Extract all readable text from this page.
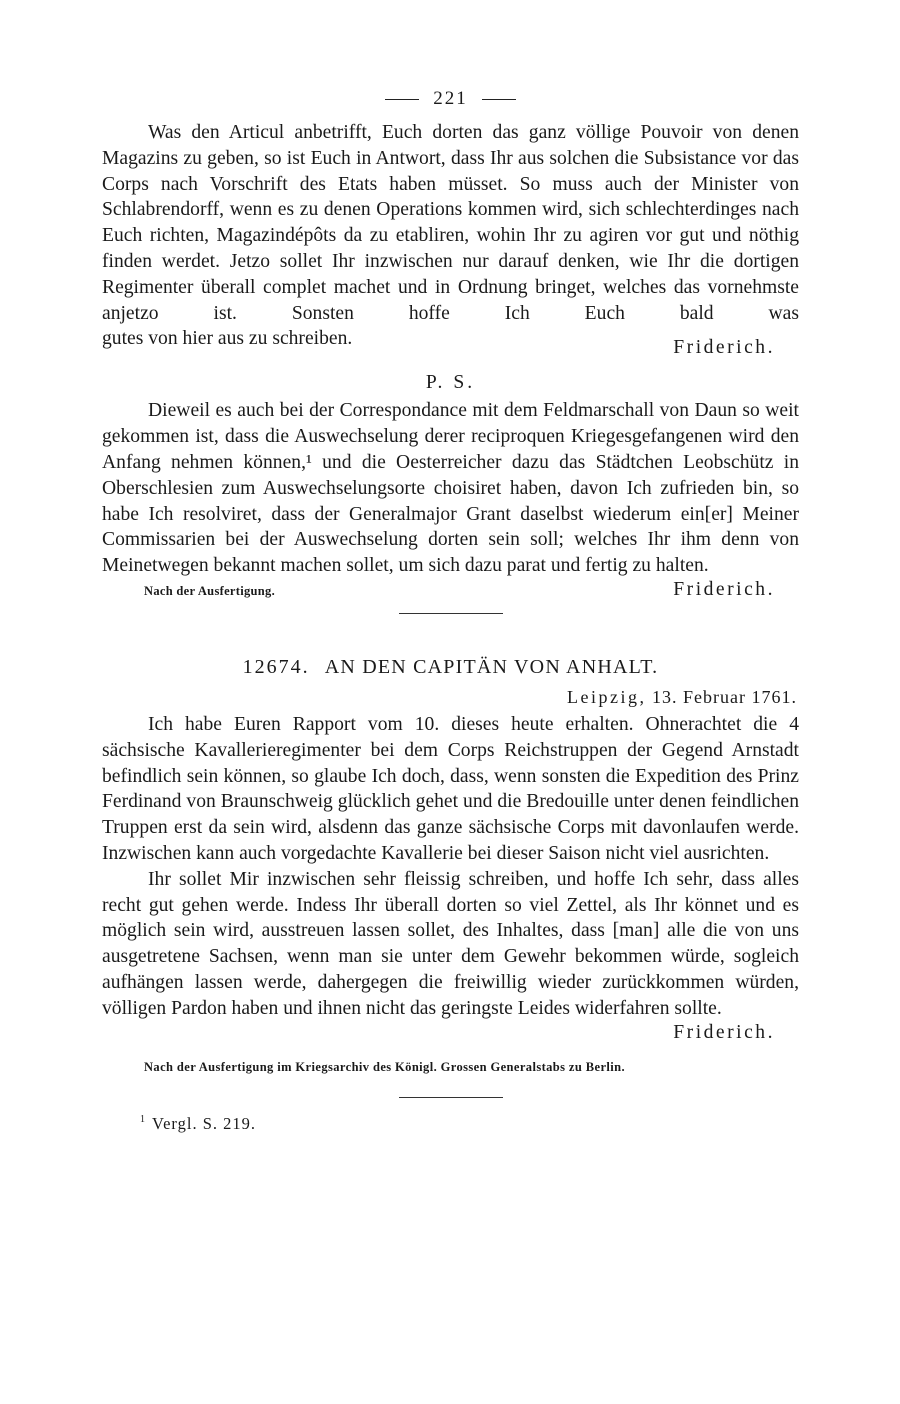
221

Was den Articul anbetrifft, Euch dorten das ganz völlige Pouvoir von denen Magazins zu geben, so ist Euch in Antwort, dass Ihr aus solchen die Subsistance vor das Corps nach Vorschrift des Etats haben müsset. So muss auch der Minister von Schlabrendorff, wenn es zu denen Operations kommen wird, sich schlechterdinges nach Euch richten, Magazindépôts da zu etabliren, wohin Ihr zu agiren vor gut und nöthig finden werdet. Jetzo sollet Ihr inzwischen nur darauf denken, wie Ihr die dortigen Regimenter überall complet machet und in Ordnung bringet, welches das vornehmste anjetzo ist. Sonsten hoffe Ich Euch bald was

gutes von hier aus zu schreiben.	Friderich.
P. S.

Dieweil es auch bei der Correspondance mit dem Feldmarschall von Daun so weit gekommen ist, dass die Auswechselung derer reciproquen Kriegesgefangenen wird den Anfang nehmen können,¹ und die Oesterreicher dazu das Städtchen Leobschütz in Oberschlesien zum Auswechselungsorte choisiret haben, davon Ich zufrieden bin, so habe Ich resolviret, dass der Generalmajor Grant daselbst wiederum ein[er] Meiner Commissarien bei der Auswechselung dorten sein soll; welches Ihr ihm denn von Meinetwegen bekannt machen sollet, um sich dazu parat und fertig zu halten.

Nach der Ausfertigung.	Friderich.
12674. AN DEN CAPITÄN VON ANHALT.
Leipzig, 13. Februar 1761.

Ich habe Euren Rapport vom 10. dieses heute erhalten. Ohnerachtet die 4 sächsische Kavallerieregimenter bei dem Corps Reichstruppen der Gegend Arnstadt befindlich sein können, so glaube Ich doch, dass, wenn sonsten die Expedition des Prinz Ferdinand von Braunschweig glücklich gehet und die Bredouille unter denen feindlichen Truppen erst da sein wird, alsdenn das ganze sächsische Corps mit davonlaufen werde. Inzwischen kann auch vorgedachte Kavallerie bei dieser Saison nicht viel ausrichten.

Ihr sollet Mir inzwischen sehr fleissig schreiben, und hoffe Ich sehr, dass alles recht gut gehen werde. Indess Ihr überall dorten so viel Zettel, als Ihr könnet und es möglich sein wird, ausstreuen lassen sollet, des Inhaltes, dass [man] alle die von uns ausgetretene Sachsen, wenn man sie unter dem Gewehr bekommen würde, sogleich aufhängen lassen werde, dahergegen die freiwillig wieder zurückkommen würden, völligen Pardon haben und ihnen nicht das geringste Leides widerfahren sollte.

Friderich.
Nach der Ausfertigung im Kriegsarchiv des Königl. Grossen Generalstabs zu Berlin.
$^1$ Vergl. S. 219.
